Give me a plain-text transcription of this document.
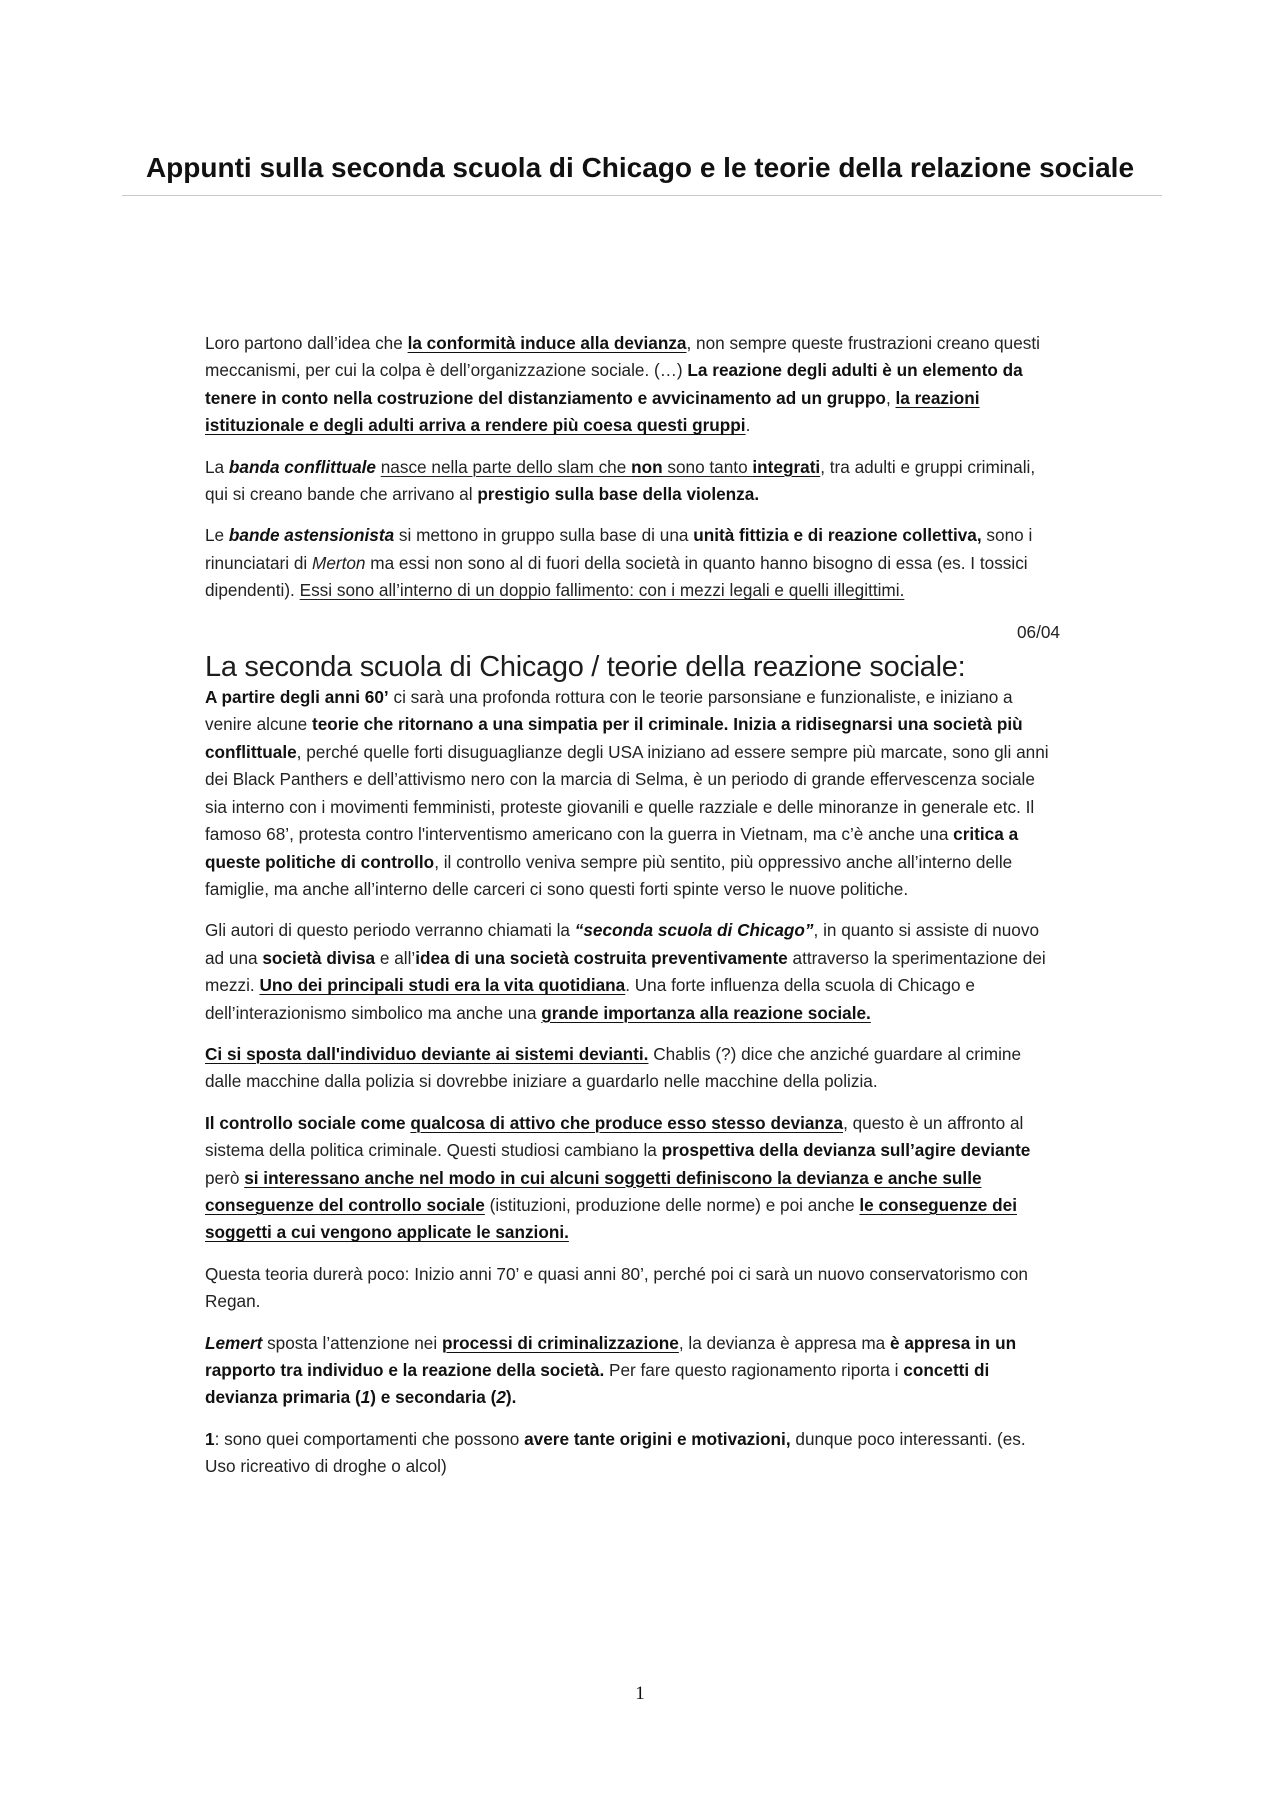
Appunti sulla seconda scuola di Chicago e le teorie della relazione sociale

Loro partono dall’idea che la conformità induce alla devianza, non sempre queste frustrazioni creano questi meccanismi, per cui la colpa è dell’organizzazione sociale. (…) La reazione degli adulti è un elemento da tenere in conto nella costruzione del distanziamento e avvicinamento ad un gruppo, la reazioni istituzionale e degli adulti arriva a rendere più coesa questi gruppi.

La banda conflittuale nasce nella parte dello slam che non sono tanto integrati, tra adulti e gruppi criminali, qui si creano bande che arrivano al prestigio sulla base della violenza.

Le bande astensionista si mettono in gruppo sulla base di una unità fittizia e di reazione collettiva, sono i rinunciatari di Merton ma essi non sono al di fuori della società in quanto hanno bisogno di essa (es. I tossici dipendenti). Essi sono all’interno di un doppio fallimento: con i mezzi legali e quelli illegittimi.

06/04
La seconda scuola di Chicago / teorie della reazione sociale:

A partire degli anni 60’ ci sarà una profonda rottura con le teorie parsonsiane e funzionaliste, e iniziano a venire alcune teorie che ritornano a una simpatia per il criminale. Inizia a ridisegnarsi una società più conflittuale, perché quelle forti disuguaglianze degli USA iniziano ad essere sempre più marcate, sono gli anni dei Black Panthers e dell’attivismo nero con la marcia di Selma, è un periodo di grande effervescenza sociale sia interno con i movimenti femministi, proteste giovanili e quelle razziale e delle minoranze in generale etc. Il famoso 68’, protesta contro l'interventismo americano con la guerra in Vietnam, ma c’è anche una critica a queste politiche di controllo, il controllo veniva sempre più sentito, più oppressivo anche all’interno delle famiglie, ma anche all’interno delle carceri ci sono questi forti spinte verso le nuove politiche.

Gli autori di questo periodo verranno chiamati la “seconda scuola di Chicago”, in quanto si assiste di nuovo ad una società divisa e all’idea di una società costruita preventivamente attraverso la sperimentazione dei mezzi. Uno dei principali studi era la vita quotidiana. Una forte influenza della scuola di Chicago e dell’interazionismo simbolico ma anche una grande importanza alla reazione sociale.

Ci si sposta dall'individuo deviante ai sistemi devianti. Chablis (?) dice che anziché guardare al crimine dalle macchine dalla polizia si dovrebbe iniziare a guardarlo nelle macchine della polizia.

Il controllo sociale come qualcosa di attivo che produce esso stesso devianza, questo è un affronto al sistema della politica criminale. Questi studiosi cambiano la prospettiva della devianza sull’agire deviante però si interessano anche nel modo in cui alcuni soggetti definiscono la devianza e anche sulle conseguenze del controllo sociale (istituzioni, produzione delle norme) e poi anche le conseguenze dei soggetti a cui vengono applicate le sanzioni.

Questa teoria durerà poco: Inizio anni 70’ e quasi anni 80’, perché poi ci sarà un nuovo conservatorismo con Regan.

Lemert sposta l’attenzione nei processi di criminalizzazione, la devianza è appresa ma è appresa in un rapporto tra individuo e la reazione della società. Per fare questo ragionamento riporta i concetti di devianza primaria (1) e secondaria (2).

1: sono quei comportamenti che possono avere tante origini e motivazioni, dunque poco interessanti. (es. Uso ricreativo di droghe o alcol)

1
